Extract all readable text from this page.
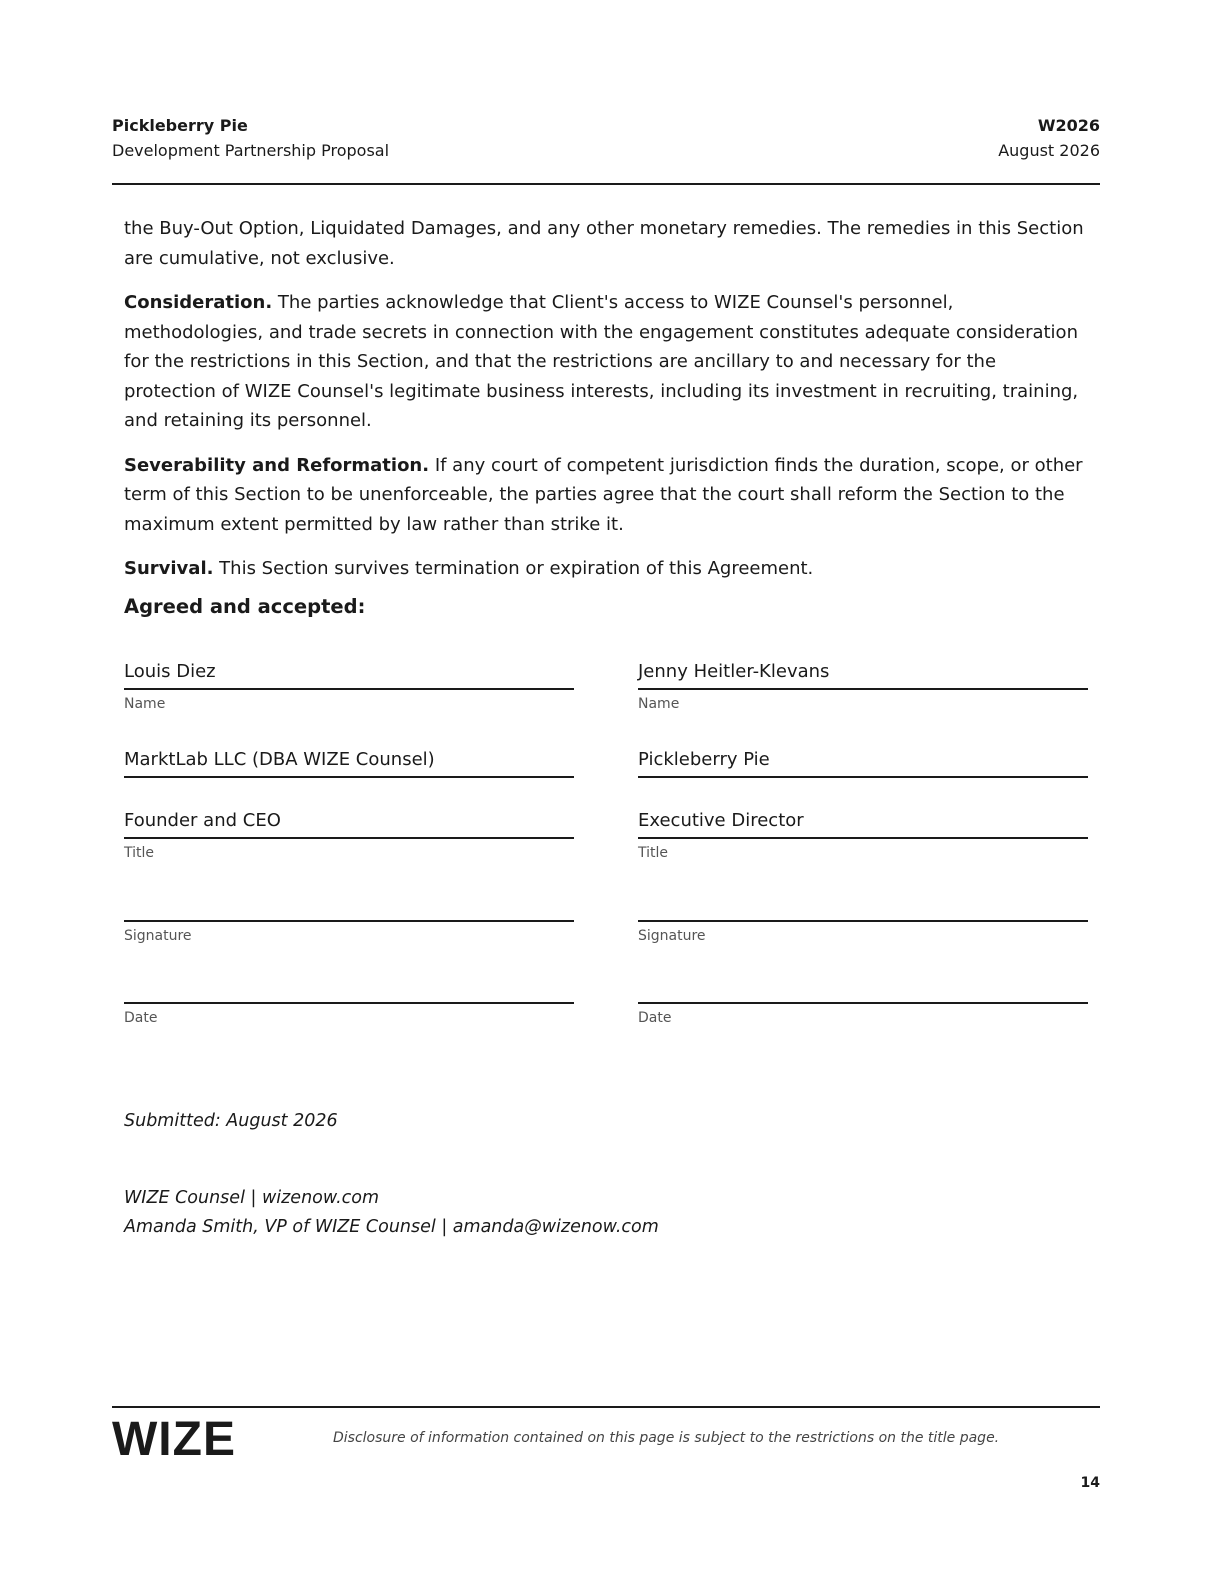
Pickleberry Pie
Development Partnership Proposal
W2026
August 2026

the Buy-Out Option, Liquidated Damages, and any other monetary remedies. The remedies in this Section are cumulative, not exclusive.

Consideration. The parties acknowledge that Client's access to WIZE Counsel's personnel, methodologies, and trade secrets in connection with the engagement constitutes adequate consideration for the restrictions in this Section, and that the restrictions are ancillary to and necessary for the protection of WIZE Counsel's legitimate business interests, including its investment in recruiting, training, and retaining its personnel.

Severability and Reformation. If any court of competent jurisdiction finds the duration, scope, or other term of this Section to be unenforceable, the parties agree that the court shall reform the Section to the maximum extent permitted by law rather than strike it.

Survival. This Section survives termination or expiration of this Agreement.

Agreed and accepted:
Louis Diez
Name
MarktLab LLC (DBA WIZE Counsel)
Founder and CEO
Title
Signature
Date
Jenny Heitler-Klevans
Name
Pickleberry Pie
Executive Director
Title
Signature
Date
Submitted: August 2026
WIZE Counsel | wizenow.com
Amanda Smith, VP of WIZE Counsel | amanda@wizenow.com
WIZE	Disclosure of information contained on this page is subject to the restrictions on the title page.
14
